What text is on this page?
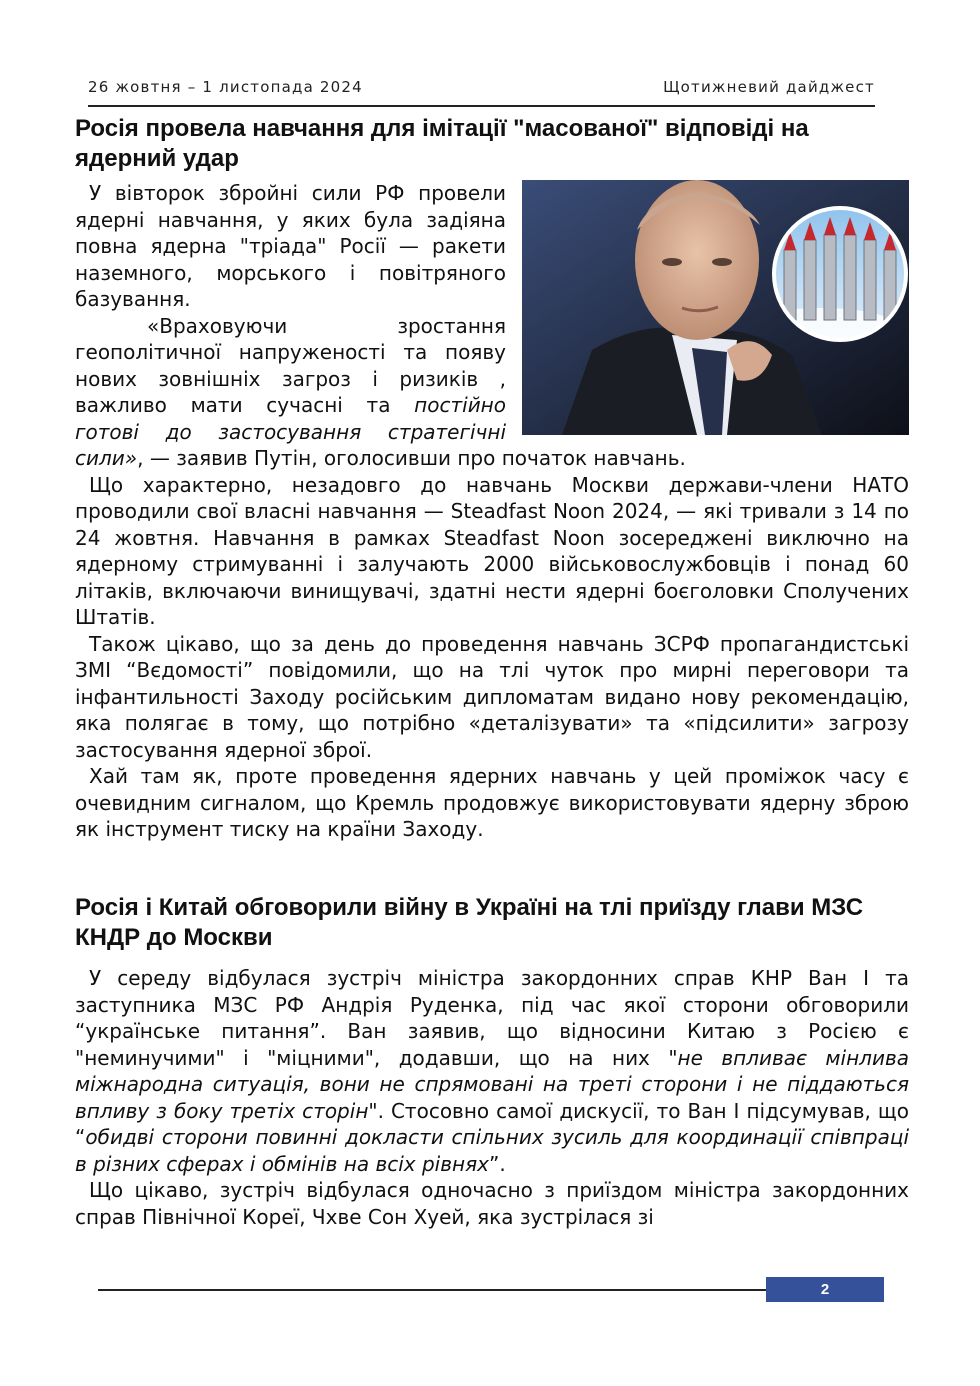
26 жовтня – 1 листопада 2024	Щотижневий дайджест
Росія провела навчання для імітації "масованої" відповіді на ядерний удар

У вівторок збройні сили РФ провели ядерні навчання, у яких була задіяна повна ядерна "тріада" Росії — ракети наземного, морського і повітряного базування.

«Враховуючи зростання геополітичної напруженості та появу нових зовнішніх загроз і ризиків , важливо мати сучасні та постійно готові до застосування стратегічні сили», — заявив Путін, оголосивши про початок навчань.

Що характерно, незадовго до навчань Москви держави-члени НАТО проводили свої власні навчання — Steadfast Noon 2024, — які тривали з 14 по 24 жовтня. Навчання в рамках Steadfast Noon зосереджені виключно на ядерному стримуванні і залучають 2000 військовослужбовців і понад 60 літаків, включаючи винищувачі, здатні нести ядерні боєголовки Сполучених Штатів.

Також цікаво, що за день до проведення навчань ЗСРФ пропагандистські ЗМІ “Вєдомості” повідомили, що на тлі чуток про мирні переговори та інфантильності Заходу російським дипломатам видано нову рекомендацію, яка полягає в тому, що потрібно «деталізувати» та «підсилити» загрозу застосування ядерної зброї.

Хай там як, проте проведення ядерних навчань у цей проміжок часу є очевидним сигналом, що Кремль продовжує використовувати ядерну зброю як інструмент тиску на країни Заходу.

Росія і Китай обговорили війну в Україні на тлі приїзду глави МЗС КНДР до Москви

У середу відбулася зустріч міністра закордонних справ КНР Ван І та заступника МЗС РФ Андрія Руденка, під час якої сторони обговорили “українське питання”. Ван заявив, що відносини Китаю з Росією є "неминучими" і "міцними", додавши, що на них "не впливає мінлива міжнародна ситуація, вони не спрямовані на треті сторони і не піддаються впливу з боку третіх сторін". Стосовно самої дискусії, то Ван І підсумував, що “обидві сторони повинні докласти спільних зусиль для координації співпраці в різних сферах і обмінів на всіх рівнях”.

Що цікаво, зустріч відбулася одночасно з приїздом міністра закордонних справ Північної Кореї, Чхве Сон Хуей, яка зустрілася зі

2
